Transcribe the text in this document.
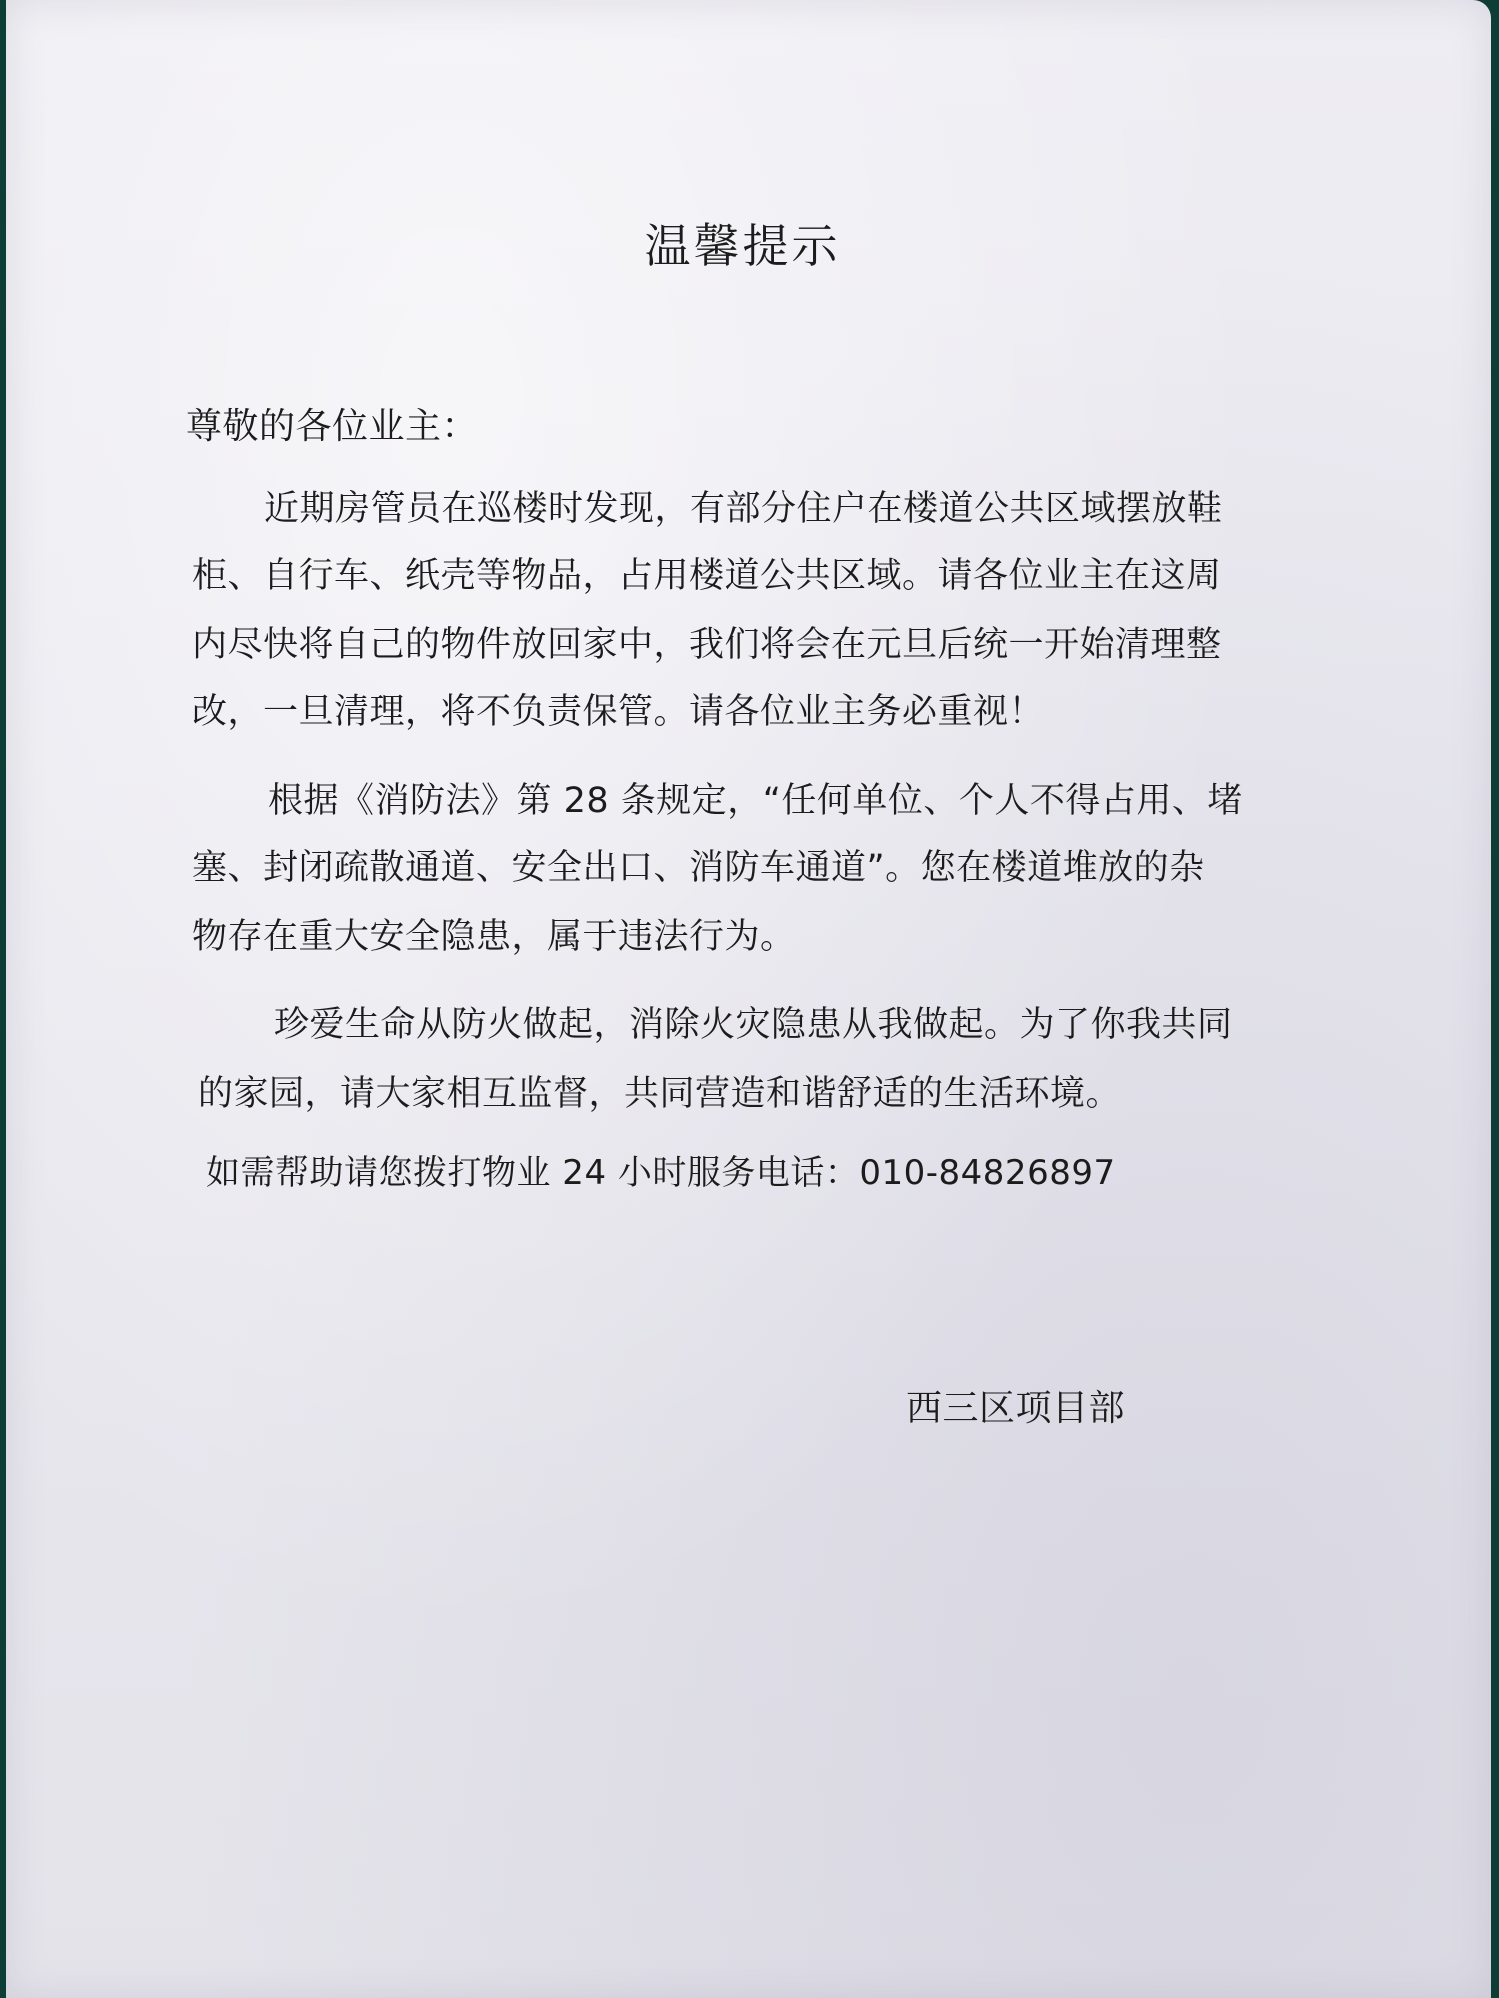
温馨提示
尊敬的各位业主：
近期房管员在巡楼时发现，有部分住户在楼道公共区域摆放鞋
柜、自行车、纸壳等物品，占用楼道公共区域。请各位业主在这周
内尽快将自己的物件放回家中，我们将会在元旦后统一开始清理整
改，一旦清理，将不负责保管。请各位业主务必重视！
根据《消防法》第 28 条规定，“任何单位、个人不得占用、堵
塞、封闭疏散通道、安全出口、消防车通道”。您在楼道堆放的杂
物存在重大安全隐患，属于违法行为。
珍爱生命从防火做起，消除火灾隐患从我做起。为了你我共同
的家园，请大家相互监督，共同营造和谐舒适的生活环境。
如需帮助请您拨打物业 24 小时服务电话：010-84826897
西三区项目部
